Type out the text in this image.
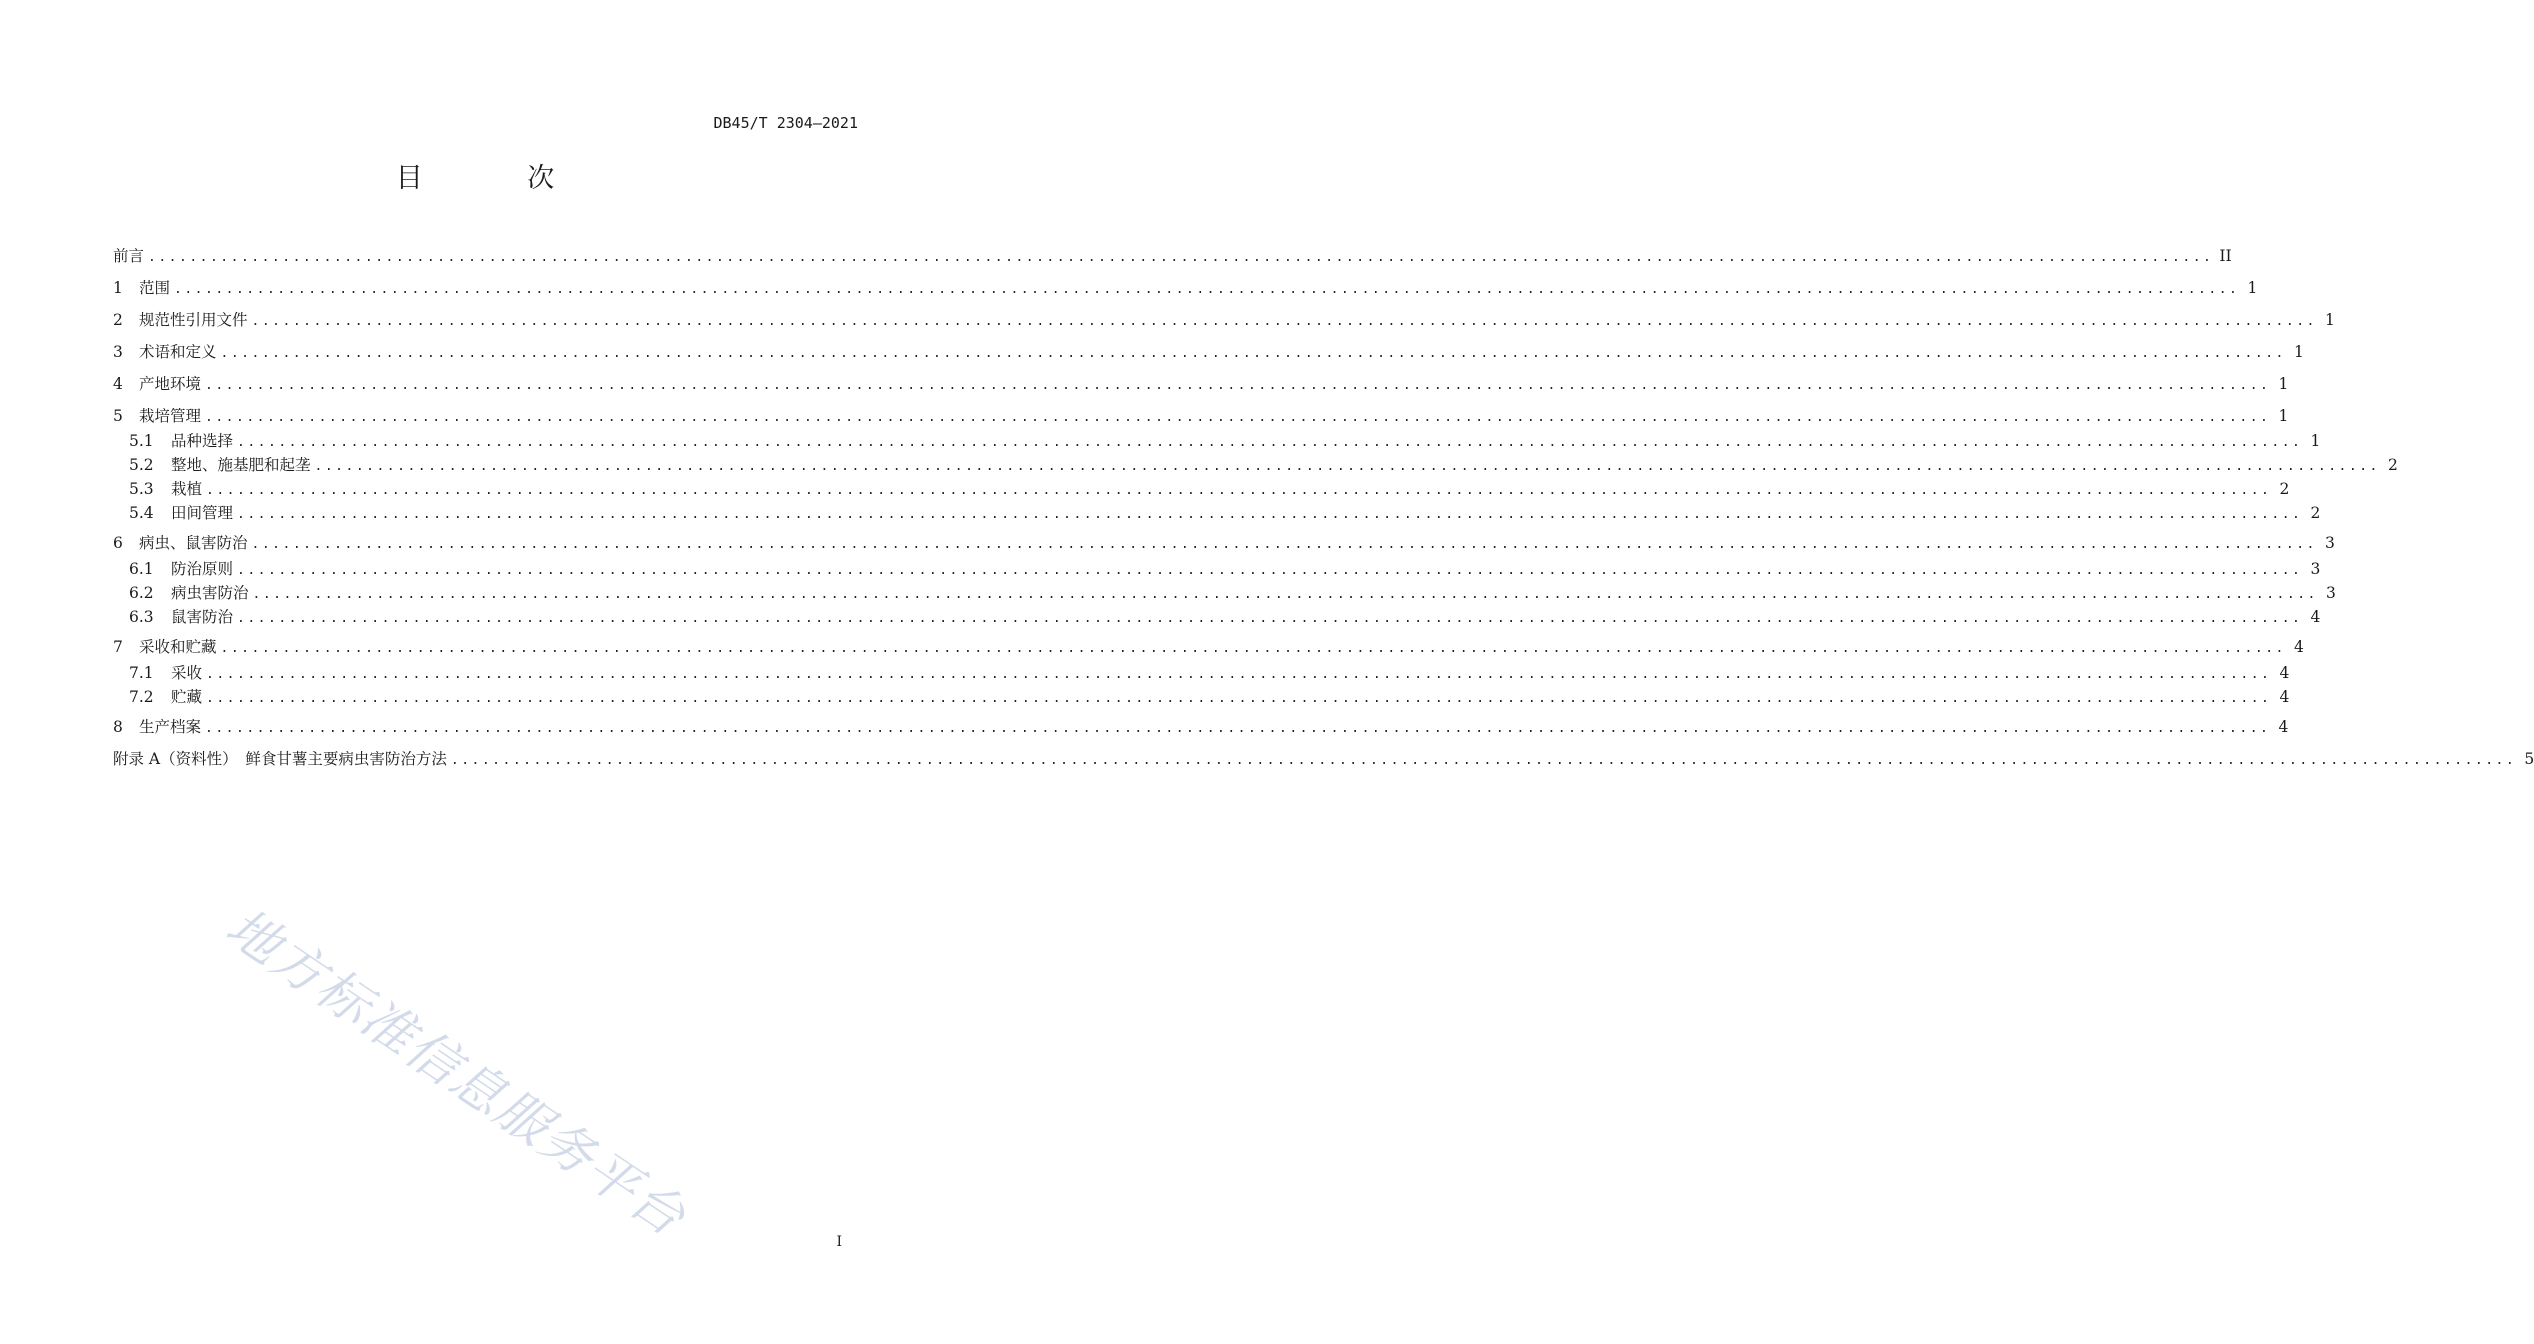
DB45/T 2304—2021
目 次
前言 ........................................................................................................................................................................................................ II
1	范围 ........................................................................................................................................................................................................ 1
2	规范性引用文件 ........................................................................................................................................................................................................ 1
3	术语和定义 ........................................................................................................................................................................................................ 1
4	产地环境 ........................................................................................................................................................................................................ 1
5	栽培管理 ........................................................................................................................................................................................................ 1
5.1	品种选择 ........................................................................................................................................................................................................ 1
5.2	整地、施基肥和起垄 ........................................................................................................................................................................................................ 2
5.3	栽植 ........................................................................................................................................................................................................ 2
5.4	田间管理 ........................................................................................................................................................................................................ 2
6	病虫、鼠害防治 ........................................................................................................................................................................................................ 3
6.1	防治原则 ........................................................................................................................................................................................................ 3
6.2	病虫害防治 ........................................................................................................................................................................................................ 3
6.3	鼠害防治 ........................................................................................................................................................................................................ 4
7	采收和贮藏 ........................................................................................................................................................................................................ 4
7.1	采收 ........................................................................................................................................................................................................ 4
7.2	贮藏 ........................................................................................................................................................................................................ 4
8	生产档案 ........................................................................................................................................................................................................ 4
附录 A（资料性）　鲜食甘薯主要病虫害防治方法 ........................................................................................................................................................................................................ 5
地方标准信息服务平台	I
